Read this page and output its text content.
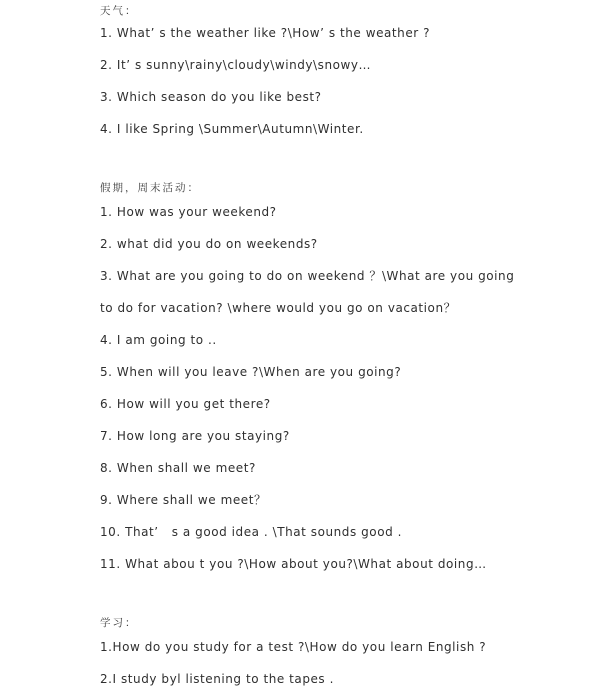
天气：
1. What’ s the weather like ?\How’ s the weather ?
2. It’ s sunny\rainy\cloudy\windy\snowy…
3. Which season do you like best?
4. I like Spring \Summer\Autumn\Winter.
假期，周末活动：
1. How was your weekend?
2. what did you do on weekends?
3. What are you going to do on weekend ？\What are you going
to do for vacation? \where would you go on vacation？
4. I am going to ..
5. When will you leave ?\When are you going?
6. How will you get there?
7. How long are you staying?
8. When shall we meet?
9. Where shall we meet？
10. That’   s a good idea . \That sounds good .
11. What abou t you ?\How about you?\What about doing…
学习：
1.How do you study for a test ?\How do you learn English ?
2.I study byl listening to the tapes .
